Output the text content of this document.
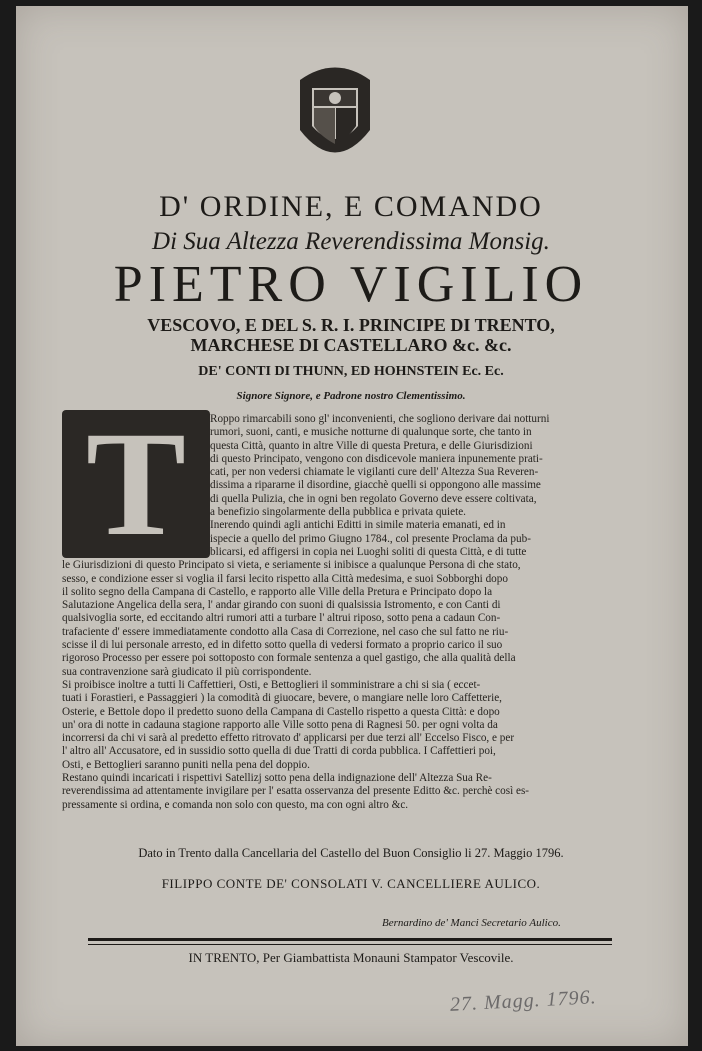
D' ORDINE, E COMANDO
Di Sua Altezza Reverendissima Monsig.
PIETRO VIGILIO
VESCOVO, E DEL S. R. I. PRINCIPE DI TRENTO,
MARCHESE DI CASTELLARO &c. &c.
DE' CONTI DI THUNN, ED HOHNSTEIN Ec. Ec.
Signore Signore, e Padrone nostro Clementissimo.
T	Roppo rimarcabili sono gl' inconvenienti, che sogliono derivare dai notturni
rumori, suoni, canti, e musiche notturne di qualunque sorte, che tanto in
questa Città, quanto in altre Ville di questa Pretura, e delle Giurisdizioni
di questo Principato, vengono con disdicevole maniera inpunemente prati-
cati, per non vedersi chiamate le vigilanti cure dell' Altezza Sua Reveren-
dissima a ripararne il disordine, giacchè quelli si oppongono alle massime
di quella Pulizia, che in ogni ben regolato Governo deve essere coltivata,
a benefizio singolarmente della pubblica e privata quiete.
Inerendo quindi agli antichi Editti in simile materia emanati, ed in
ispecie a quello del primo Giugno 1784., col presente Proclama da pub-
blicarsi, ed affigersi in copia nei Luoghi soliti di questa Città, e di tutte
le Giurisdizioni di questo Principato si vieta, e seriamente si inibisce a qualunque Persona di che stato,
sesso, e condizione esser si voglia il farsi lecito rispetto alla Città medesima, e suoi Sobborghi dopo
il solito segno della Campana di Castello, e rapporto alle Ville della Pretura e Principato dopo la
Salutazione Angelica della sera, l' andar girando con suoni di qualsissia Istromento, e con Canti di
qualsivoglia sorte, ed eccitando altri rumori atti a turbare l' altrui riposo, sotto pena a cadaun Con-
trafaciente d' essere immediatamente condotto alla Casa di Correzione, nel caso che sul fatto ne riu-
scisse il di lui personale arresto, ed in difetto sotto quella di vedersi formato a proprio carico il suo
rigoroso Processo per essere poi sottoposto con formale sentenza a quel gastigo, che alla qualità della
sua contravenzione sarà giudicato il più corrispondente.
Si proibisce inoltre a tutti li Caffettieri, Osti, e Bettoglieri il somministrare a chi si sia ( eccet-
tuati i Forastieri, e Passaggieri ) la comodità di giuocare, bevere, o mangiare nelle loro Caffetterie,
Osterie, e Bettole dopo il predetto suono della Campana di Castello rispetto a questa Città: e dopo
un' ora di notte in cadauna stagione rapporto alle Ville sotto pena di Ragnesi 50. per ogni volta da
incorrersi da chi vi sarà al predetto effetto ritrovato d' applicarsi per due terzi all' Eccelso Fisco, e per
l' altro all' Accusatore, ed in sussidio sotto quella di due Tratti di corda pubblica. I Caffettieri poi,
Osti, e Bettoglieri saranno puniti nella pena del doppio.
Restano quindi incaricati i rispettivi Satellizj sotto pena della indignazione dell' Altezza Sua Re-
reverendissima ad attentamente invigilare per l' esatta osservanza del presente Editto &c. perchè così es-
pressamente si ordina, e comanda non solo con questo, ma con ogni altro &c.
Dato in Trento dalla Cancellaria del Castello del Buon Consiglio li 27. Maggio 1796.
FILIPPO CONTE DE' CONSOLATI V. CANCELLIERE AULICO.
Bernardino de' Manci Secretario Aulico.
IN TRENTO, Per Giambattista Monauni Stampator Vescovile.
27. Magg. 1796.
